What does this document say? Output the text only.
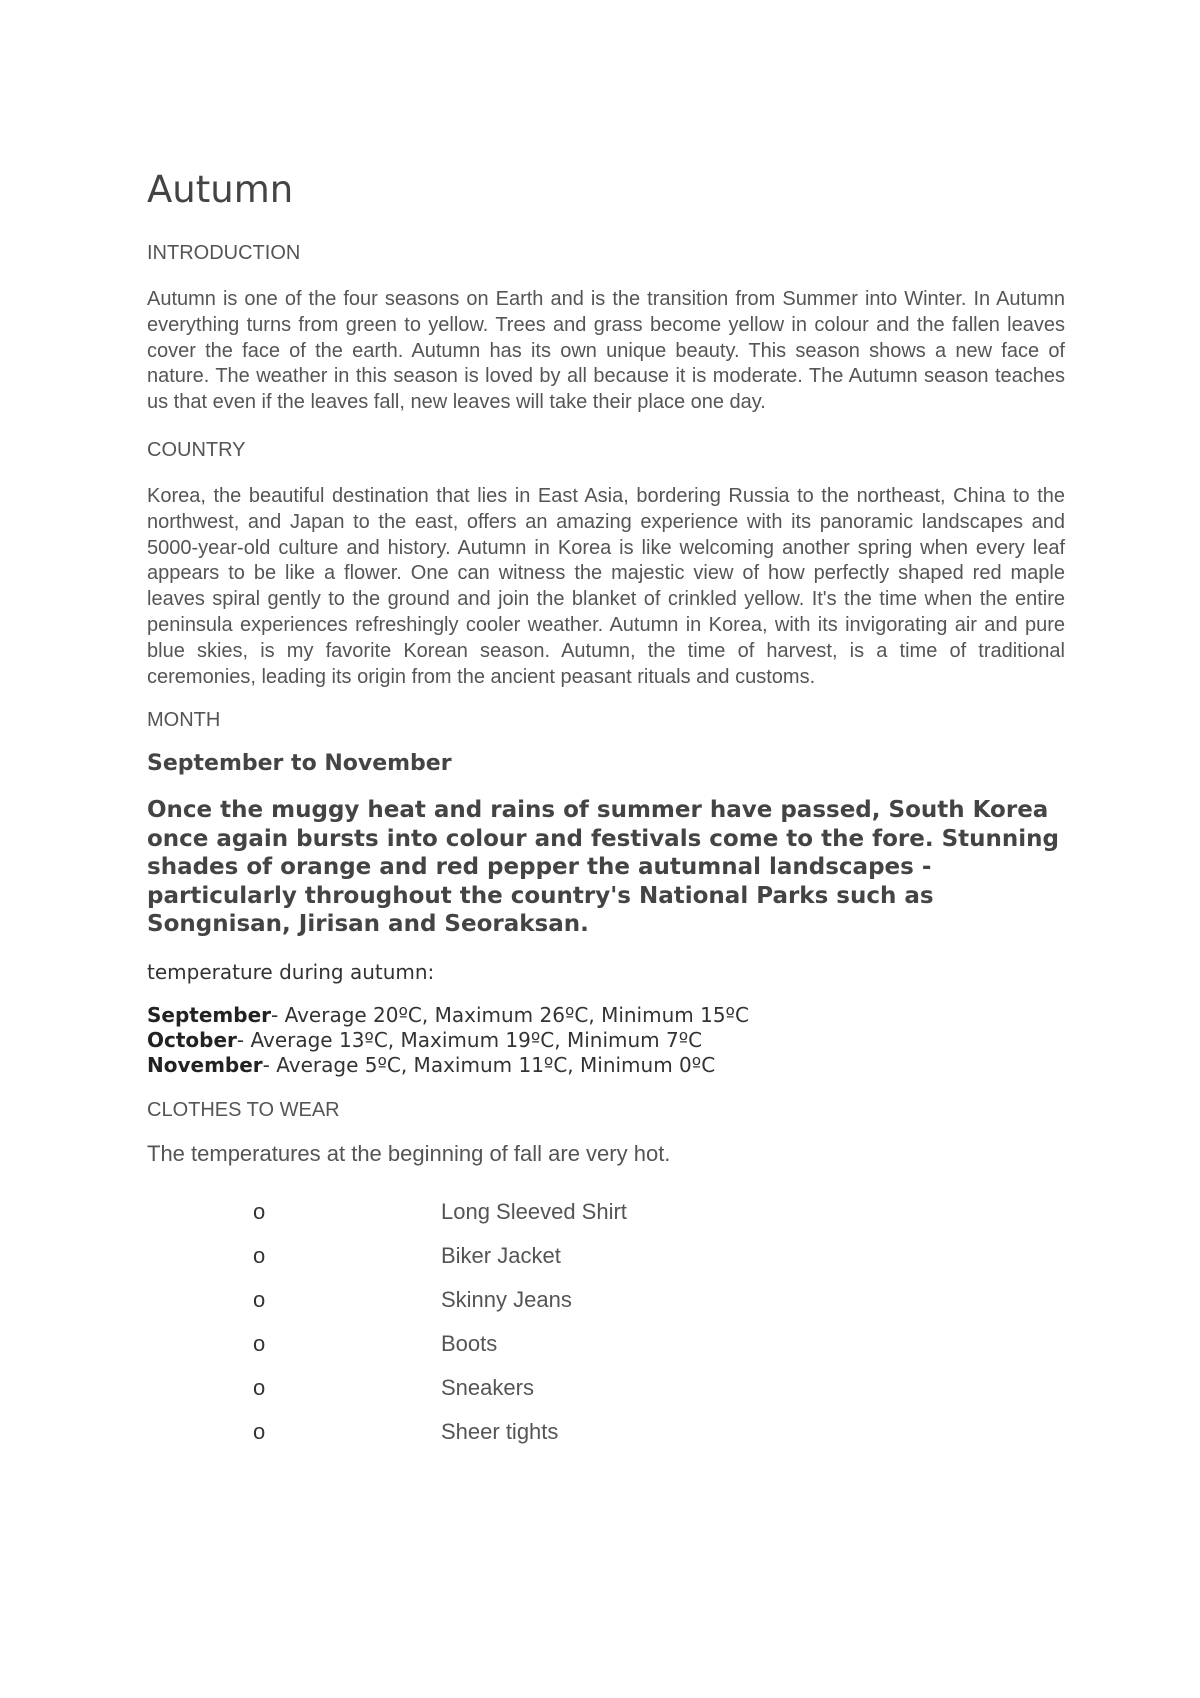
Autumn

INTRODUCTION

Autumn is one of the four seasons on Earth and is the transition from Summer into Winter. In Autumn everything turns from green to yellow. Trees and grass become yellow in colour and the fallen leaves cover the face of the earth. Autumn has its own unique beauty. This season shows a new face of nature. The weather in this season is loved by all because it is moderate. The Autumn season teaches us that even if the leaves fall, new leaves will take their place one day.

COUNTRY

Korea, the beautiful destination that lies in East Asia, bordering Russia to the northeast, China to the northwest, and Japan to the east, offers an amazing experience with its panoramic landscapes and 5000-year-old culture and history. Autumn in Korea is like welcoming another spring when every leaf appears to be like a flower. One can witness the majestic view of how perfectly shaped red maple leaves spiral gently to the ground and join the blanket of crinkled yellow. It's the time when the entire peninsula experiences refreshingly cooler weather. Autumn in Korea, with its invigorating air and pure blue skies, is my favorite Korean season. Autumn, the time of harvest, is a time of traditional ceremonies, leading its origin from the ancient peasant rituals and customs.

MONTH

September to November

Once the muggy heat and rains of summer have passed, South Korea once again bursts into colour and festivals come to the fore. Stunning shades of orange and red pepper the autumnal landscapes - particularly throughout the country's National Parks such as Songnisan, Jirisan and Seoraksan.

temperature during autumn:

September- Average 20ºC, Maximum 26ºC, Minimum 15ºC

October- Average 13ºC, Maximum 19ºC, Minimum 7ºC

November- Average 5ºC, Maximum 11ºC, Minimum 0ºC

CLOTHES TO WEAR

The temperatures at the beginning of fall are very hot.

o	Long Sleeved Shirt
o	Biker Jacket
o	Skinny Jeans
o	Boots
o	Sneakers
o	Sheer tights
